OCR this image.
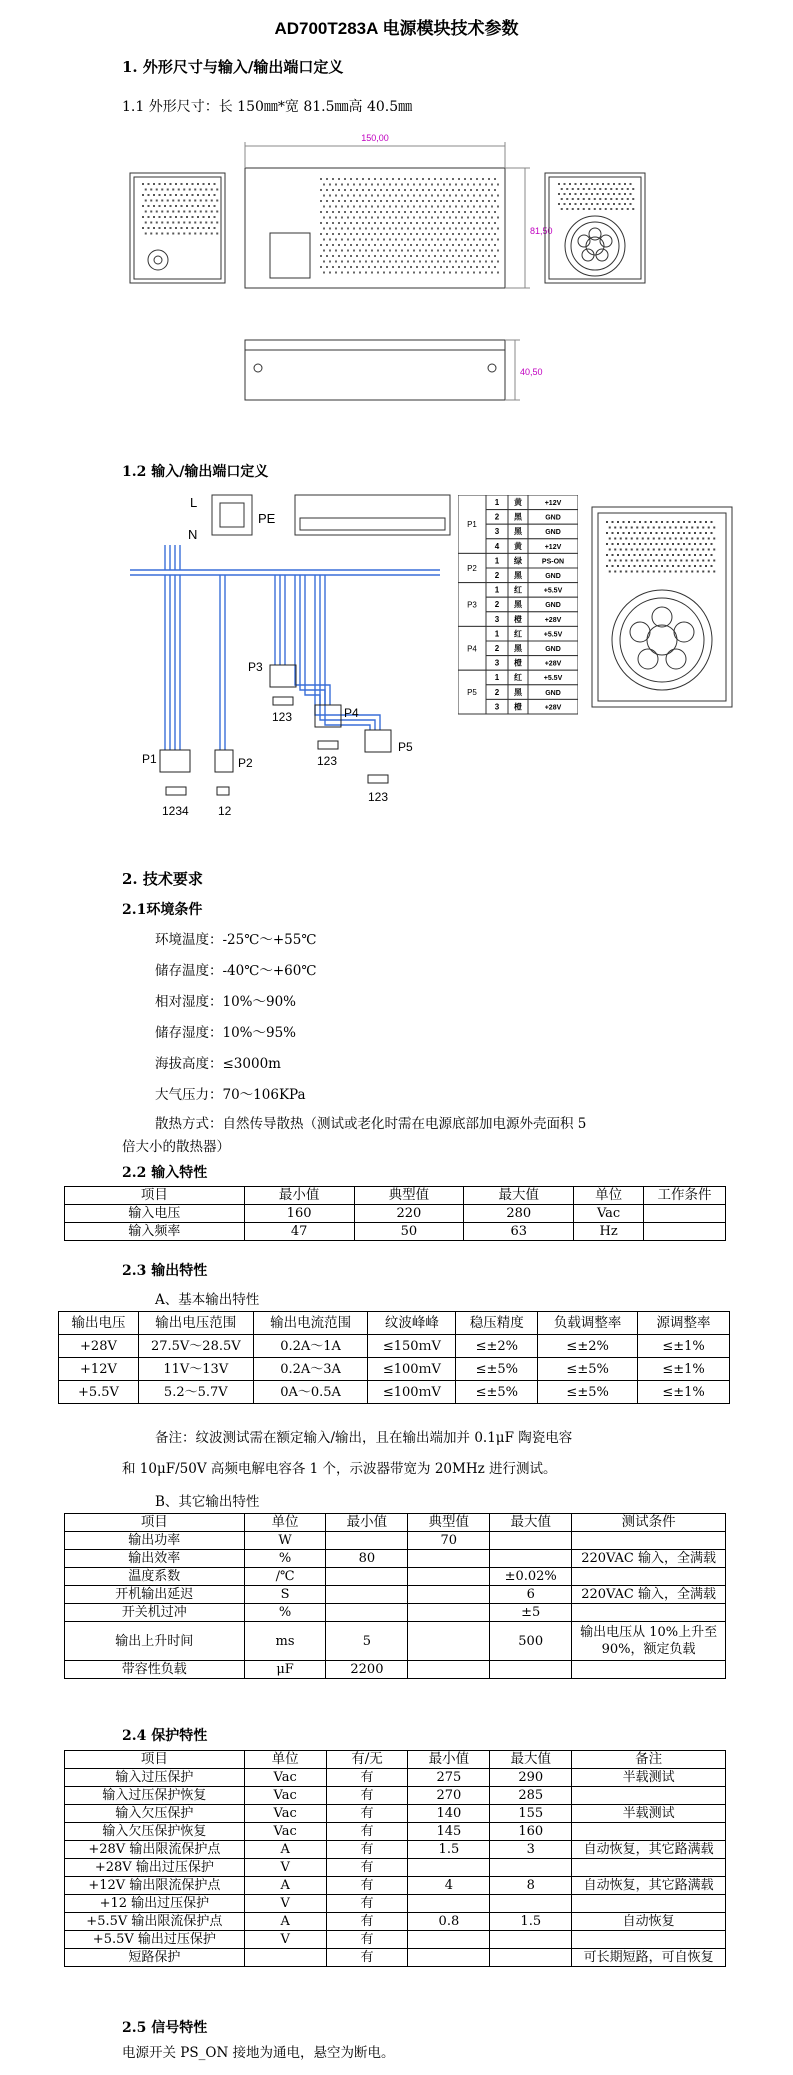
AD700T283A 电源模块技术参数
1. 外形尺寸与输入/输出端口定义
1.1 外形尺寸：长 150㎜*宽 81.5㎜高 40.5㎜
150,00
81,50
40,50
1.2 输入/输出端口定义
L
N
PE
P1
1234
P2
12
P3
123	P4
123
P5
123
P1
1 黄	+12V
2 黑	GND
3 黑	GND
4 黄	+12V
P2
1 绿	PS-ON
2 黑	GND
P3
1 红	+5.5V
2 黑	GND
3 橙	+28V
P4
1 红	+5.5V
2 黑	GND
3 橙	+28V
P5
1 红	+5.5V
2 黑	GND
3 橙	+28V
2. 技术要求
2.1环境条件
环境温度：-25℃～+55℃
储存温度：-40℃～+60℃
相对湿度：10%～90%
储存湿度：10%～95%
海拔高度：≤3000m
大气压力：70～106KPa
散热方式：自然传导散热（测试或老化时需在电源底部加电源外壳面积 5
倍大小的散热器）
2.2 输入特性
项目	最小值	典型值	最大值	单位	工作条件
输入电压	160	220	280	Vac	
输入频率	47	50	63	Hz	
2.3 输出特性
A、基本输出特性
输出电压	输出电压范围	输出电流范围	纹波峰峰	稳压精度	负载调整率	源调整率
+28V	27.5V～28.5V	0.2A～1A	≤150ｍV	≤±2%	≤±2%	≤±1%
+12V	11V～13V	0.2A～3A	≤100ｍV	≤±5%	≤±5%	≤±1%
+5.5V	5.2～5.7V	0A～0.5A	≤100ｍV	≤±5%	≤±5%	≤±1%
备注：纹波测试需在额定输入/输出，且在输出端加并 0.1μF 陶瓷电容
和 10μF/50V 高频电解电容各 1 个，示波器带宽为 20MHz 进行测试。
B、其它输出特性
项目	单位	最小值	典型值	最大值	测试条件
输出功率	W		70		
输出效率	%	80			220VAC 输入，全满载
温度系数	/℃			±0.02%	
开机输出延迟	S			6	220VAC 输入，全满载
开关机过冲	%			±5	
输出上升时间	ms	5		500	输出电压从 10%上升至 90%，额定负载
带容性负载	μF	2200			
2.4 保护特性
项目	单位	有/无	最小值	最大值	备注
输入过压保护	Vac	有	275	290	半载测试
输入过压保护恢复	Vac	有	270	285	
输入欠压保护	Vac	有	140	155	半载测试
输入欠压保护恢复	Vac	有	145	160	
+28V 输出限流保护点	A	有	1.5	3	自动恢复，其它路满载
+28V 输出过压保护	V	有			
+12V 输出限流保护点	A	有	4	8	自动恢复，其它路满载
+12 输出过压保护	V	有			
+5.5V 输出限流保护点	A	有	0.8	1.5	自动恢复
+5.5V 输出过压保护	V	有			
短路保护		有			可长期短路，可自恢复
2.5 信号特性
电源开关 PS_ON 接地为通电，悬空为断电。
